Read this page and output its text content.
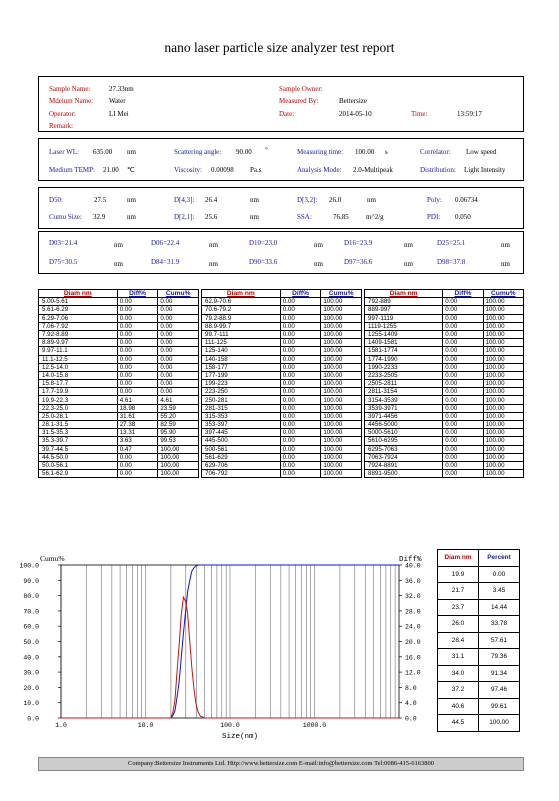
nano laser particle size analyzer test report
Sample Name:	27.33nm
Mdeium Name: Water
Operator:	LI Mei
Remark:
Sample Owner:
Measured By:	Bettersize
Date:	2014-05-10	Time:	13:59:17
Laser WL: 635.00 nm	Scattering angle: 90.00 °	Measuring time: 100.00 s	Correlator: Low speed
Medium TEMP: 21.00 ℃	Viscosity: 0.00098 Pa.s	Analysis Mode: 2.0-Multipeak	Distribution: Light Intensity
D50:	27.5	nm	D[4,3]: 26.4	nm	D[3,2]: 26.0	nm	Poly: 0.06734
Cumu Size: 32.9	nm	D[2,1]: 25.6	nm	SSA:	76.85 m^2/g	PDI: 0.050
D03=21.4	nm	D06=22.4	nm	D10=23.0	nm	D16=23.9	nm	D25=25.1	nm
D75=30.5	nm	D84=31.9	nm	D90=33.6	nm	D97=36.6	nm	D98=37.8	nm
Diam nm	Diff%	Cumu%
5.00-5.61	0.00	0.00
5.61-6.29	0.00	0.00
6.29-7.06	0.00	0.00
7.06-7.92	0.00	0.00
7.92-8.89	0.00	0.00
8.89-9.97	0.00	0.00
9.97-11.1	0.00	0.00
11.1-12.5	0.00	0.00
12.5-14.0	0.00	0.00
14.0-15.8	0.00	0.00
15.8-17.7	0.00	0.00
17.7-19.9	0.00	0.00
19.9-22.3	4.61	4.61
22.3-25.0	18.98	23.59
25.0-28.1	31.61	55.20
28.1-31.5	27.38	82.59
31.5-35.3	13.31	95.90
35.3-39.7	3.63	99.53
39.7-44.5	0.47	100.00
44.5-50.0	0.00	100.00
50.0-56.1	0.00	100.00
56.1-62.9	0.00	100.00
Diam nm	Diff%	Cumu%
62.9-70.6	0.00	100.00
70.6-79.2	0.00	100.00
79.2-88.9	0.00	100.00
88.9-99.7	0.00	100.00
99.7-111	0.00	100.00
111-125	0.00	100.00
125-140	0.00	100.00
140-158	0.00	100.00
158-177	0.00	100.00
177-199	0.00	100.00
199-223	0.00	100.00
223-250	0.00	100.00
250-281	0.00	100.00
281-315	0.00	100.00
315-353	0.00	100.00
353-397	0.00	100.00
397-445	0.00	100.00
445-500	0.00	100.00
500-561	0.00	100.00
561-629	0.00	100.00
629-706	0.00	100.00
706-792	0.00	100.00
Diam nm	Diff%	Cumu%
792-889	0.00	100.00
889-997	0.00	100.00
997-1119	0.00	100.00
1119-1255	0.00	100.00
1255-1409	0.00	100.00
1409-1581	0.00	100.00
1581-1774	0.00	100.00
1774-1990	0.00	100.00
1990-2233	0.00	100.00
2233-2505	0.00	100.00
2505-2811	0.00	100.00
2811-3154	0.00	100.00
3154-3539	0.00	100.00
3539-3971	0.00	100.00
3971-4456	0.00	100.00
4456-5000	0.00	100.00
5000-5610	0.00	100.00
5610-6295	0.00	100.00
6295-7063	0.00	100.00
7063-7924	0.00	100.00
7924-8891	0.00	100.00
8891-9500	0.00	100.00
0.0
10.0
20.0
30.0
40.0
50.0
60.0
70.0
80.0
90.0
100.0
0.0
4.0
8.0
12.0
16.0
20.0
24.0
28.0
32.0
36.0
40.0
1.0	10.0	100.0	1000.0
Cumu%	Diff%
Size(nm)
Diam nm	Percent
19.9	0.00
21.7	3.45
23.7	14.44
26.0	33.78
28.4	57.61
31.1	79.36
34.0	91.34
37.2	97.46
40.6	99.61
44.5	100.00
Company:Bettersize Instruments Ltd. Http://www.bettersize.com E-mail:info@bettersize.com Tel:0086-415-6163800
